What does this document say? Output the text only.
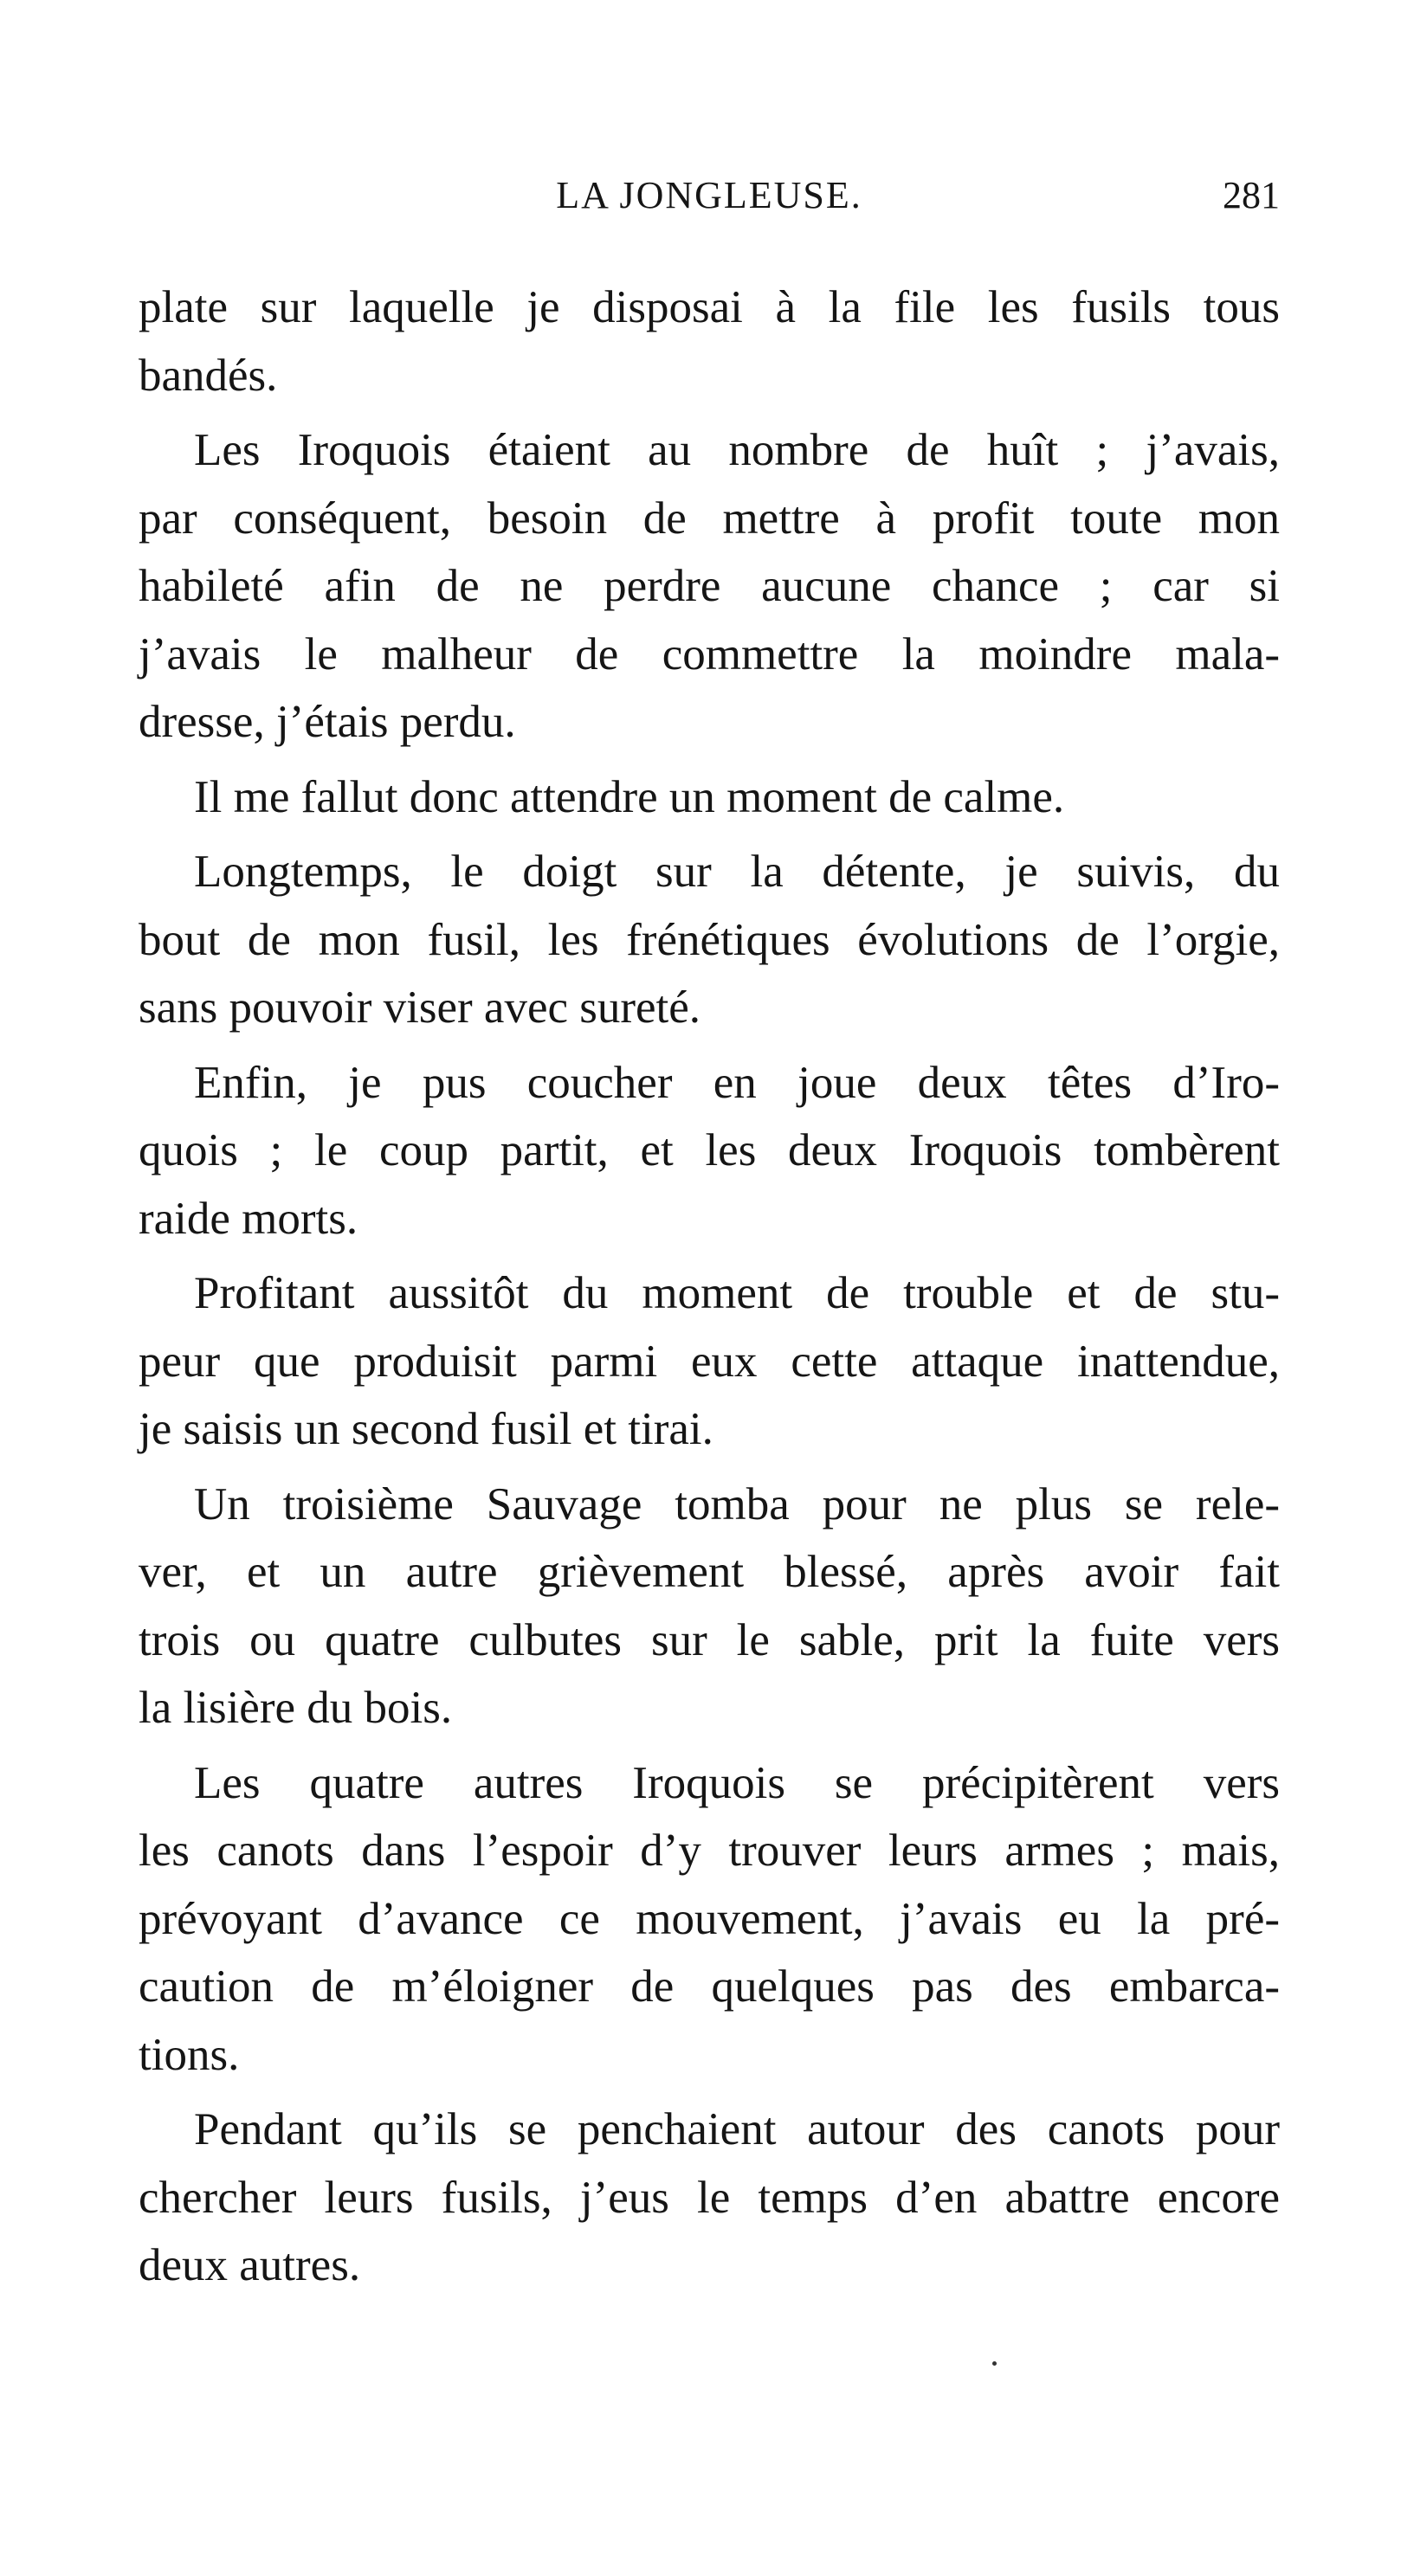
LA JONGLEUSE.	281

plate sur laquelle je disposai à la file les fusils tous
bandés.

Les Iroquois étaient au nombre de huît ; j’avais,
par conséquent, besoin de mettre à profit toute mon
habileté afin de ne perdre aucune chance ; car si
j’avais le malheur de commettre la moindre mala-
dresse, j’étais perdu.

Il me fallut donc attendre un moment de calme.

Longtemps, le doigt sur la détente, je suivis, du
bout de mon fusil, les frénétiques évolutions de l’orgie,
sans pouvoir viser avec sureté.

Enfin, je pus coucher en joue deux têtes d’Iro-
quois ; le coup partit, et les deux Iroquois tombèrent
raide morts.

Profitant aussitôt du moment de trouble et de stu-
peur que produisit parmi eux cette attaque inattendue,
je saisis un second fusil et tirai.

Un troisième Sauvage tomba pour ne plus se rele-
ver, et un autre grièvement blessé, après avoir fait
trois ou quatre culbutes sur le sable, prit la fuite vers
la lisière du bois.

Les quatre autres Iroquois se précipitèrent vers
les canots dans l’espoir d’y trouver leurs armes ; mais,
prévoyant d’avance ce mouvement, j’avais eu la pré-
caution de m’éloigner de quelques pas des embarca-
tions.

Pendant qu’ils se penchaient autour des canots pour
chercher leurs fusils, j’eus le temps d’en abattre encore
deux autres.
